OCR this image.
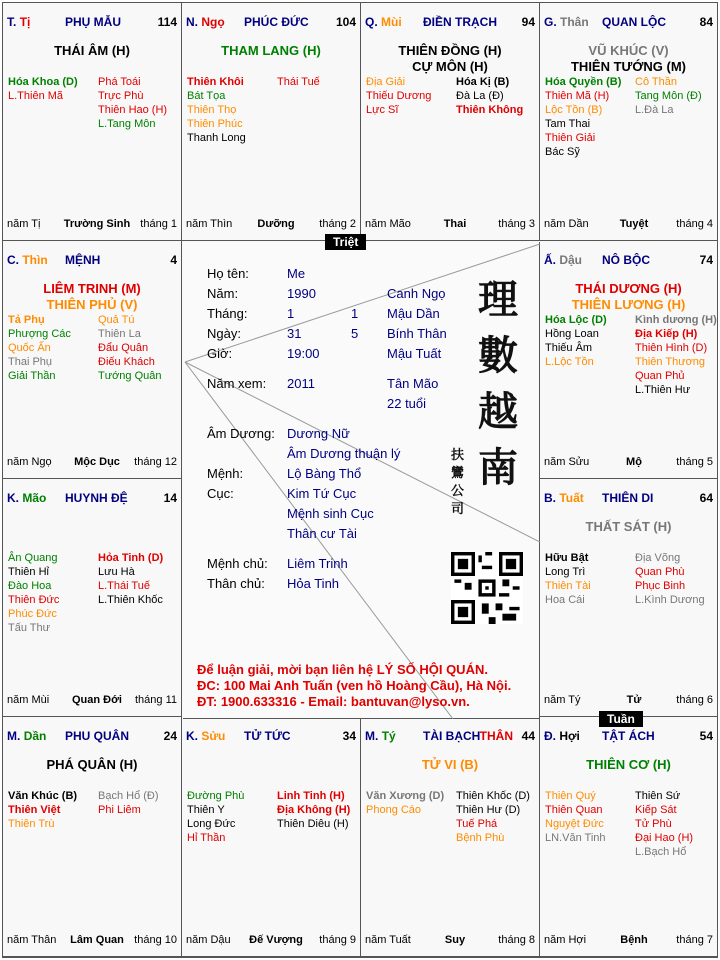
Đ. Hợi TẬT ÁCH	54
THIÊN CƠ (H)
Thiên Quý
Thiên Quan
Nguyệt Đức
LN.Văn Tinh
Thiên Sứ
Kiếp Sát
Tử Phù
Đại Hao (H)
L.Bạch Hổ
năm Hợi	Bệnh	tháng 7
M. Tý TÀI BẠCH THÂN 44
TỬ VI (B)
Văn Xương (D)
Phong Cáo
Thiên Khốc (D)
Thiên Hư (D)
Tuế Phá
Bệnh Phù
năm Tuất	Suy	tháng 8
K. Sửu TỬ TỨC	34
Đường Phù
Thiên Y
Long Đức
Hỉ Thần
Linh Tinh (H)
Địa Không (H)
Thiên Diêu (H)
năm Dậu	Đế Vượng	tháng 9
M. Dần PHU QUÂN	24
PHÁ QUÂN (H)
Văn Khúc (B)
Thiên Việt
Thiên Trù
Bạch Hổ (Đ)
Phi Liêm
năm Thân	Lâm Quan tháng 10
B. Tuất THIÊN DI	64
THẤT SÁT (H)
Hữu Bật
Long Trì
Thiên Tài
Hoa Cái
Địa Võng
Quan Phù
Phục Binh
L.Kình Dương
năm Tý	Tử	tháng 6
K. Mão HUYNH ĐỆ	14
Ân Quang
Thiên Hỉ
Đào Hoa
Thiên Đức
Phúc Đức
Tấu Thư
Hỏa Tinh (D)
Lưu Hà
L.Thái Tuế
L.Thiên Khốc
năm Mùi	Quan Đới	tháng 11
Ấ. Dậu NÔ BỘC	74
THÁI DƯƠNG (H)
THIÊN LƯƠNG (H)
Hóa Lộc (D)
Hồng Loan
Thiếu Âm
L.Lộc Tồn
Kình dương (H)
Địa Kiếp (H)
Thiên Hình (D)
Thiên Thương
Quan Phủ
L.Thiên Hư
năm Sửu	Mộ	tháng 5
C. Thìn MỆNH	4
LIÊM TRINH (M)
THIÊN PHỦ (V)
Tả Phụ
Phượng Các
Quốc Ấn
Thai Phụ
Giải Thần
Quả Tú
Thiên La
Đẩu Quân
Điếu Khách
Tướng Quân
năm Ngọ	Mộc Dục	tháng 12
G. Thân QUAN LỘC	84
VŨ KHÚC (V)
THIÊN TƯỚNG (M)
Hóa Quyền (B)
Thiên Mã (H)
Lộc Tồn (B)
Tam Thai
Thiên Giải
Bác Sỹ
Cô Thần
Tang Môn (Đ)
L.Đà La
năm Dần	Tuyệt	tháng 4
Q. Mùi ĐIỀN TRẠCH 94
THIÊN ĐỒNG (H)
CỰ MÔN (H)
Địa Giải
Thiếu Dương
Lực Sĩ
Hóa Kị (B)
Đà La (Đ)
Thiên Không
năm Mão	Thai	tháng 3
N. Ngọ PHÚC ĐỨC 104
THAM LANG (H)
Thiên Khôi
Bát Tọa
Thiên Thọ
Thiên Phúc
Thanh Long
Thái Tuế
năm Thìn	Dưỡng	tháng 2
T. Tị	PHỤ MẪU	114
THÁI ÂM (H)
Hóa Khoa (D)
L.Thiên Mã
Phá Toái
Trực Phù
Thiên Hao (H)
L.Tang Môn
năm Tị	Trường Sinh tháng 1
Họ tên:	Me
Năm:	1990	Canh Ngọ
Tháng:	1	1 Mậu Dần
Ngày:	31	5 Bính Thân
Giờ:	19:00	Mậu Tuất
Năm xem: 2011	Tân Mão
22 tuổi
Âm Dương: Dương Nữ
Âm Dương thuận lý
Mệnh:	Lộ Bàng Thổ
Cục:	Kim Tứ Cục
Mệnh sinh Cục
Thân cư Tài
Mệnh chủ: Liêm Trinh
Thân chủ: Hỏa Tinh
理數越南
扶鸞公司
Để luận giải, mời bạn liên hệ LÝ SỐ HỘI QUÁN.
ĐC: 100 Mai Anh Tuấn (ven hồ Hoàng Cầu), Hà Nội.
ĐT: 1900.633316 - Email: bantuvan@lyso.vn.
Triệt
Tuần
